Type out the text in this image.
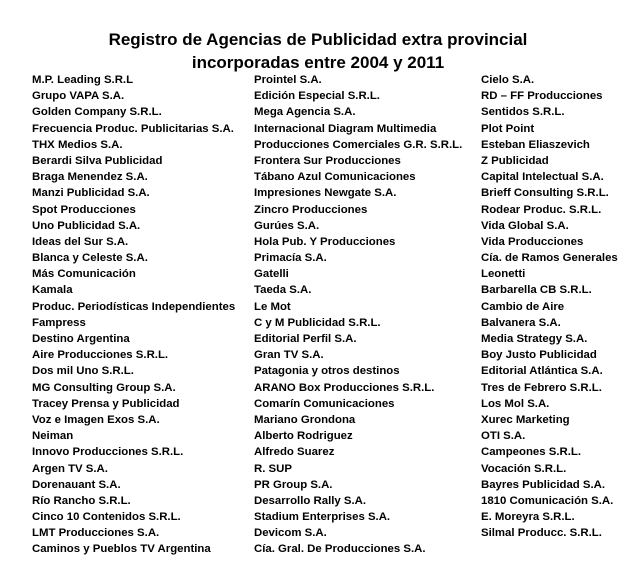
Registro de Agencias de Publicidad extra provincial
incorporadas entre 2004 y 2011
M.P. Leading S.R.L
Grupo VAPA S.A.
Golden Company S.R.L.
Frecuencia Produc. Publicitarias S.A.
THX Medios S.A.
Berardi Silva Publicidad
Braga Menendez S.A.
Manzi Publicidad S.A.
Spot Producciones
Uno Publicidad S.A.
Ideas del Sur S.A.
Blanca y Celeste S.A.
Más Comunicación
Kamala
Produc. Periodísticas Independientes
Fampress
Destino Argentina
Aire Producciones S.R.L.
Dos mil Uno S.R.L.
MG Consulting Group S.A.
Tracey Prensa y Publicidad
Voz e Imagen Exos S.A.
Neiman
Innovo Producciones S.R.L.
Argen TV S.A.
Dorenauant S.A.
Río Rancho S.R.L.
Cinco 10 Contenidos S.R.L.
LMT Producciones S.A.
Caminos y Pueblos TV Argentina
Prointel S.A.
Edición Especial S.R.L.
Mega Agencia S.A.
Internacional Diagram Multimedia
Producciones Comerciales G.R. S.R.L.
Frontera Sur Producciones
Tábano Azul Comunicaciones
Impresiones Newgate S.A.
Zincro Producciones
Gurúes S.A.
Hola Pub. Y Producciones
Primacía S.A.
Gatelli
Taeda S.A.
Le Mot
C y M Publicidad S.R.L.
Editorial Perfil S.A.
Gran TV S.A.
Patagonia y otros destinos
ARANO Box Producciones S.R.L.
Comarín Comunicaciones
Mariano Grondona
Alberto Rodriguez
Alfredo Suarez
R. SUP
PR Group S.A.
Desarrollo Rally S.A.
Stadium Enterprises S.A.
Devicom S.A.
Cía. Gral. De Producciones S.A.
Cielo S.A.
RD – FF Producciones
Sentidos S.R.L.
Plot Point
Esteban Eliaszevich
Z Publicidad
Capital Intelectual S.A.
Brieff Consulting S.R.L.
Rodear Produc. S.R.L.
Vida Global S.A.
Vida Producciones
Cía. de Ramos Generales
Leonetti
Barbarella CB S.R.L.
Cambio de Aire
Balvanera S.A.
Media Strategy S.A.
Boy Justo Publicidad
Editorial Atlántica S.A.
Tres de Febrero S.R.L.
Los Mol S.A.
Xurec Marketing
OTI S.A.
Campeones S.R.L.
Vocación S.R.L.
Bayres Publicidad S.A.
1810 Comunicación S.A.
E. Moreyra S.R.L.
Silmal Producc. S.R.L.
